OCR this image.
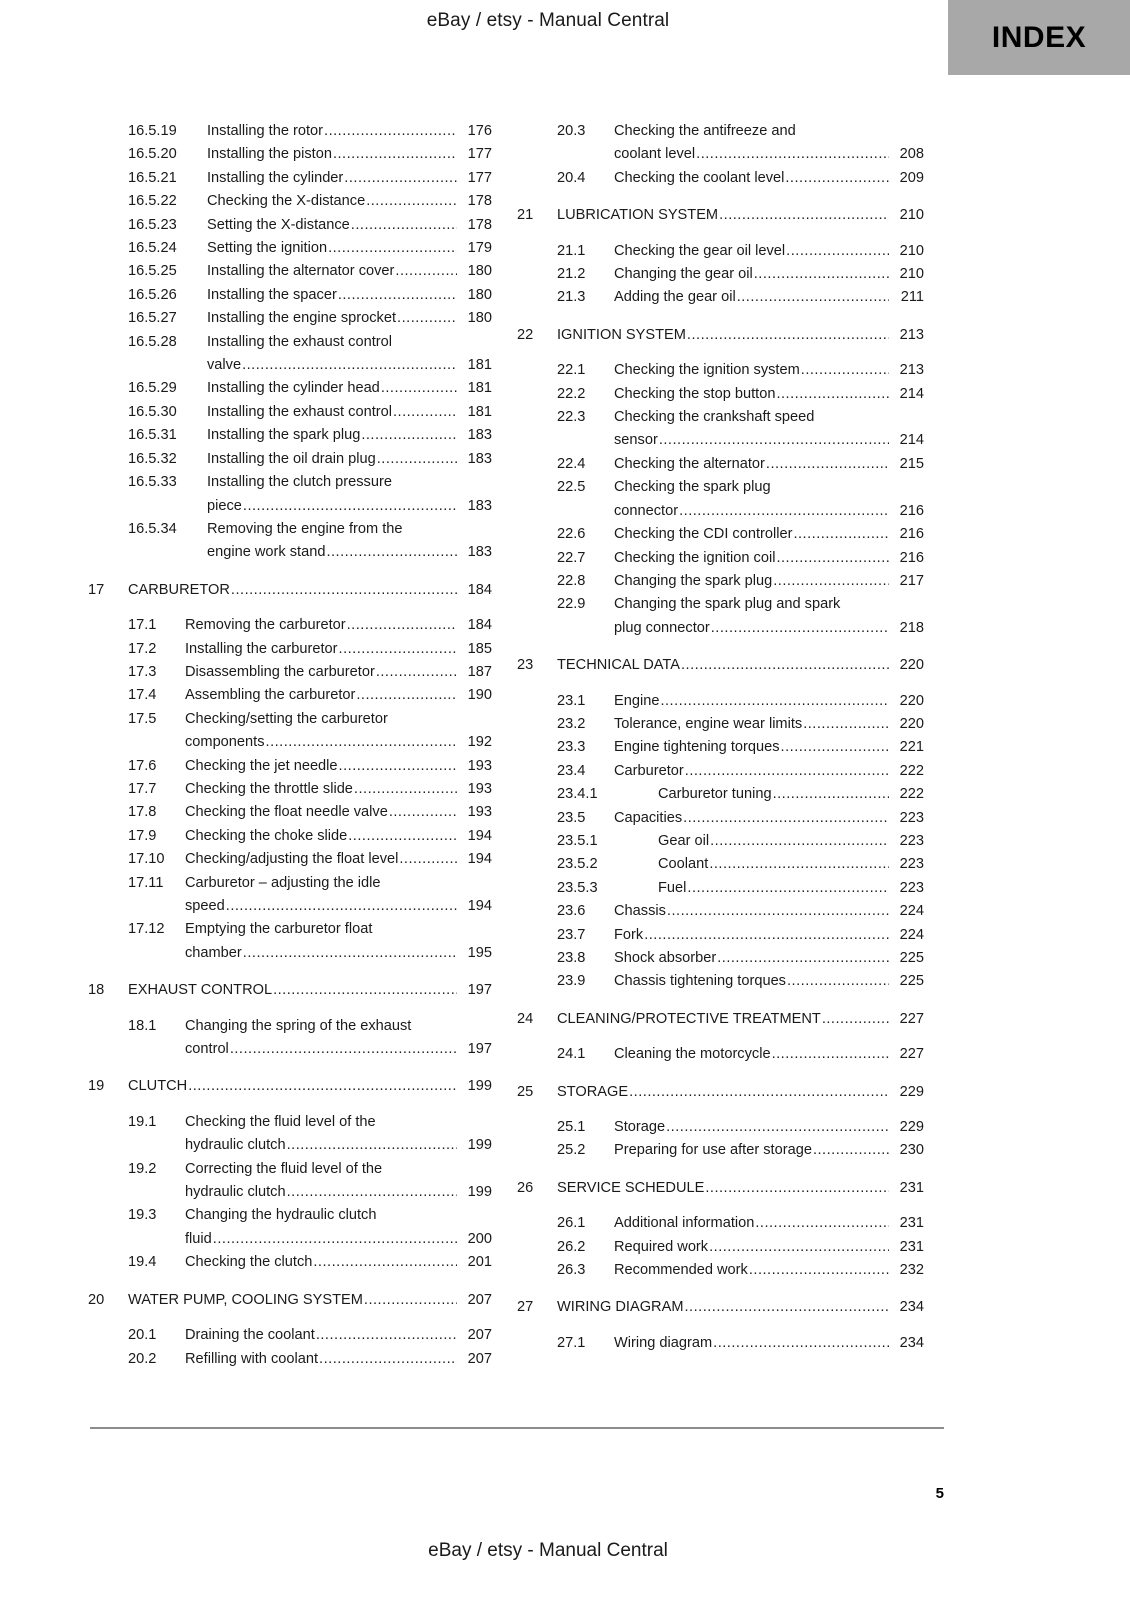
eBay / etsy - Manual Central	INDEX
16.5.19	Installing the rotor .....	176
16.5.20	Installing the piston .....	177
16.5.21	Installing the cylinder .....	177
16.5.22	Checking the X-distance .....	178
16.5.23	Setting the X-distance .....	178
16.5.24	Setting the ignition .....	179
16.5.25	Installing the alternator cover .....	180
16.5.26	Installing the spacer .....	180
16.5.27	Installing the engine sprocket .....	180
16.5.28	Installing the exhaust control
valve .....	181
16.5.29	Installing the cylinder head .....	181
16.5.30	Installing the exhaust control .....	181
16.5.31	Installing the spark plug .....	183
16.5.32	Installing the oil drain plug .....	183
16.5.33	Installing the clutch pressure
piece .....	183
16.5.34	Removing the engine from the
engine work stand .....	183
17	CARBURETOR .....	184
17.1	Removing the carburetor .....	184
17.2	Installing the carburetor .....	185
17.3	Disassembling the carburetor .....	187
17.4	Assembling the carburetor .....	190
17.5	Checking/setting the carburetor
components .....	192
17.6	Checking the jet needle .....	193
17.7	Checking the throttle slide .....	193
17.8	Checking the float needle valve .....	193
17.9	Checking the choke slide .....	194
17.10	Checking/adjusting the float level .....	194
17.11	Carburetor – adjusting the idle
speed .....	194
17.12	Emptying the carburetor float
chamber .....	195
18	EXHAUST CONTROL .....	197
18.1	Changing the spring of the exhaust
control .....	197
19	CLUTCH .....	199
19.1	Checking the fluid level of the
hydraulic clutch .....	199
19.2	Correcting the fluid level of the
hydraulic clutch .....	199
19.3	Changing the hydraulic clutch
fluid .....	200
19.4	Checking the clutch .....	201
20	WATER PUMP, COOLING SYSTEM .....	207
20.1	Draining the coolant .....	207
20.2	Refilling with coolant .....	207
20.3	Checking the antifreeze and
coolant level .....	208
20.4	Checking the coolant level .....	209
21	LUBRICATION SYSTEM .....	210
21.1	Checking the gear oil level .....	210
21.2	Changing the gear oil .....	210
21.3	Adding the gear oil .....	211
22	IGNITION SYSTEM .....	213
22.1	Checking the ignition system .....	213
22.2	Checking the stop button .....	214
22.3	Checking the crankshaft speed
sensor .....	214
22.4	Checking the alternator .....	215
22.5	Checking the spark plug
connector .....	216
22.6	Checking the CDI controller .....	216
22.7	Checking the ignition coil .....	216
22.8	Changing the spark plug .....	217
22.9	Changing the spark plug and spark
plug connector .....	218
23	TECHNICAL DATA .....	220
23.1	Engine .....	220
23.2	Tolerance, engine wear limits .....	220
23.3	Engine tightening torques .....	221
23.4	Carburetor .....	222
23.4.1	Carburetor tuning .....	222
23.5	Capacities .....	223
23.5.1	Gear oil .....	223
23.5.2	Coolant .....	223
23.5.3	Fuel .....	223
23.6	Chassis .....	224
23.7	Fork .....	224
23.8	Shock absorber .....	225
23.9	Chassis tightening torques .....	225
24	CLEANING/PROTECTIVE TREATMENT .....	227
24.1	Cleaning the motorcycle .....	227
25	STORAGE .....	229
25.1	Storage .....	229
25.2	Preparing for use after storage .....	230
26	SERVICE SCHEDULE .....	231
26.1	Additional information .....	231
26.2	Required work .....	231
26.3	Recommended work .....	232
27	WIRING DIAGRAM .....	234
27.1	Wiring diagram .....	234
5
eBay / etsy - Manual Central
